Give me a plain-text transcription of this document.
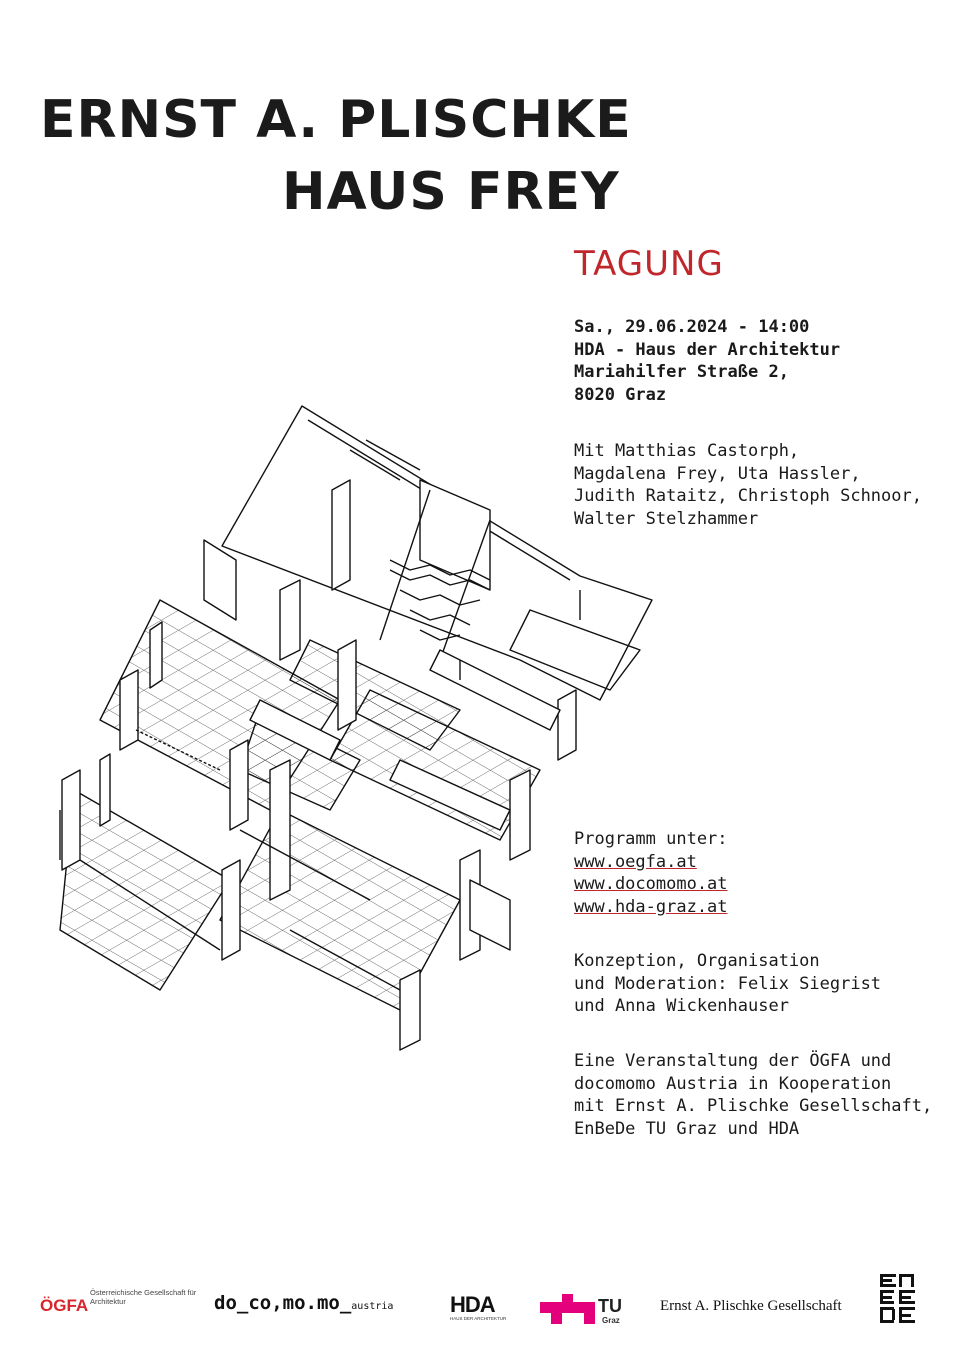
ERNST A. PLISCHKE
HAUS FREY
TAGUNG
Sa., 29.06.2024 - 14:00
HDA - Haus der Architektur
Mariahilfer Straße 2,
8020 Graz
Mit Matthias Castorph,
Magdalena Frey, Uta Hassler,
Judith Rataitz, Christoph Schnoor,
Walter Stelzhammer
Programm unter:
www.oegfa.at
www.docomomo.at
www.hda-graz.at
Konzeption, Organisation
und Moderation: Felix Siegrist
und Anna Wickenhauser
Eine Veranstaltung der ÖGFA und
docomomo Austria in Kooperation
mit Ernst A. Plischke Gesellschaft,
EnBeDe TU Graz und HDA
ÖGFA
Österreichische Gesellschaft für Architektur	do_co,mo.mo_austria	HDA
HAUS DER ARCHITEKTUR
TU
Graz
Ernst A. Plischke Gesellschaft
